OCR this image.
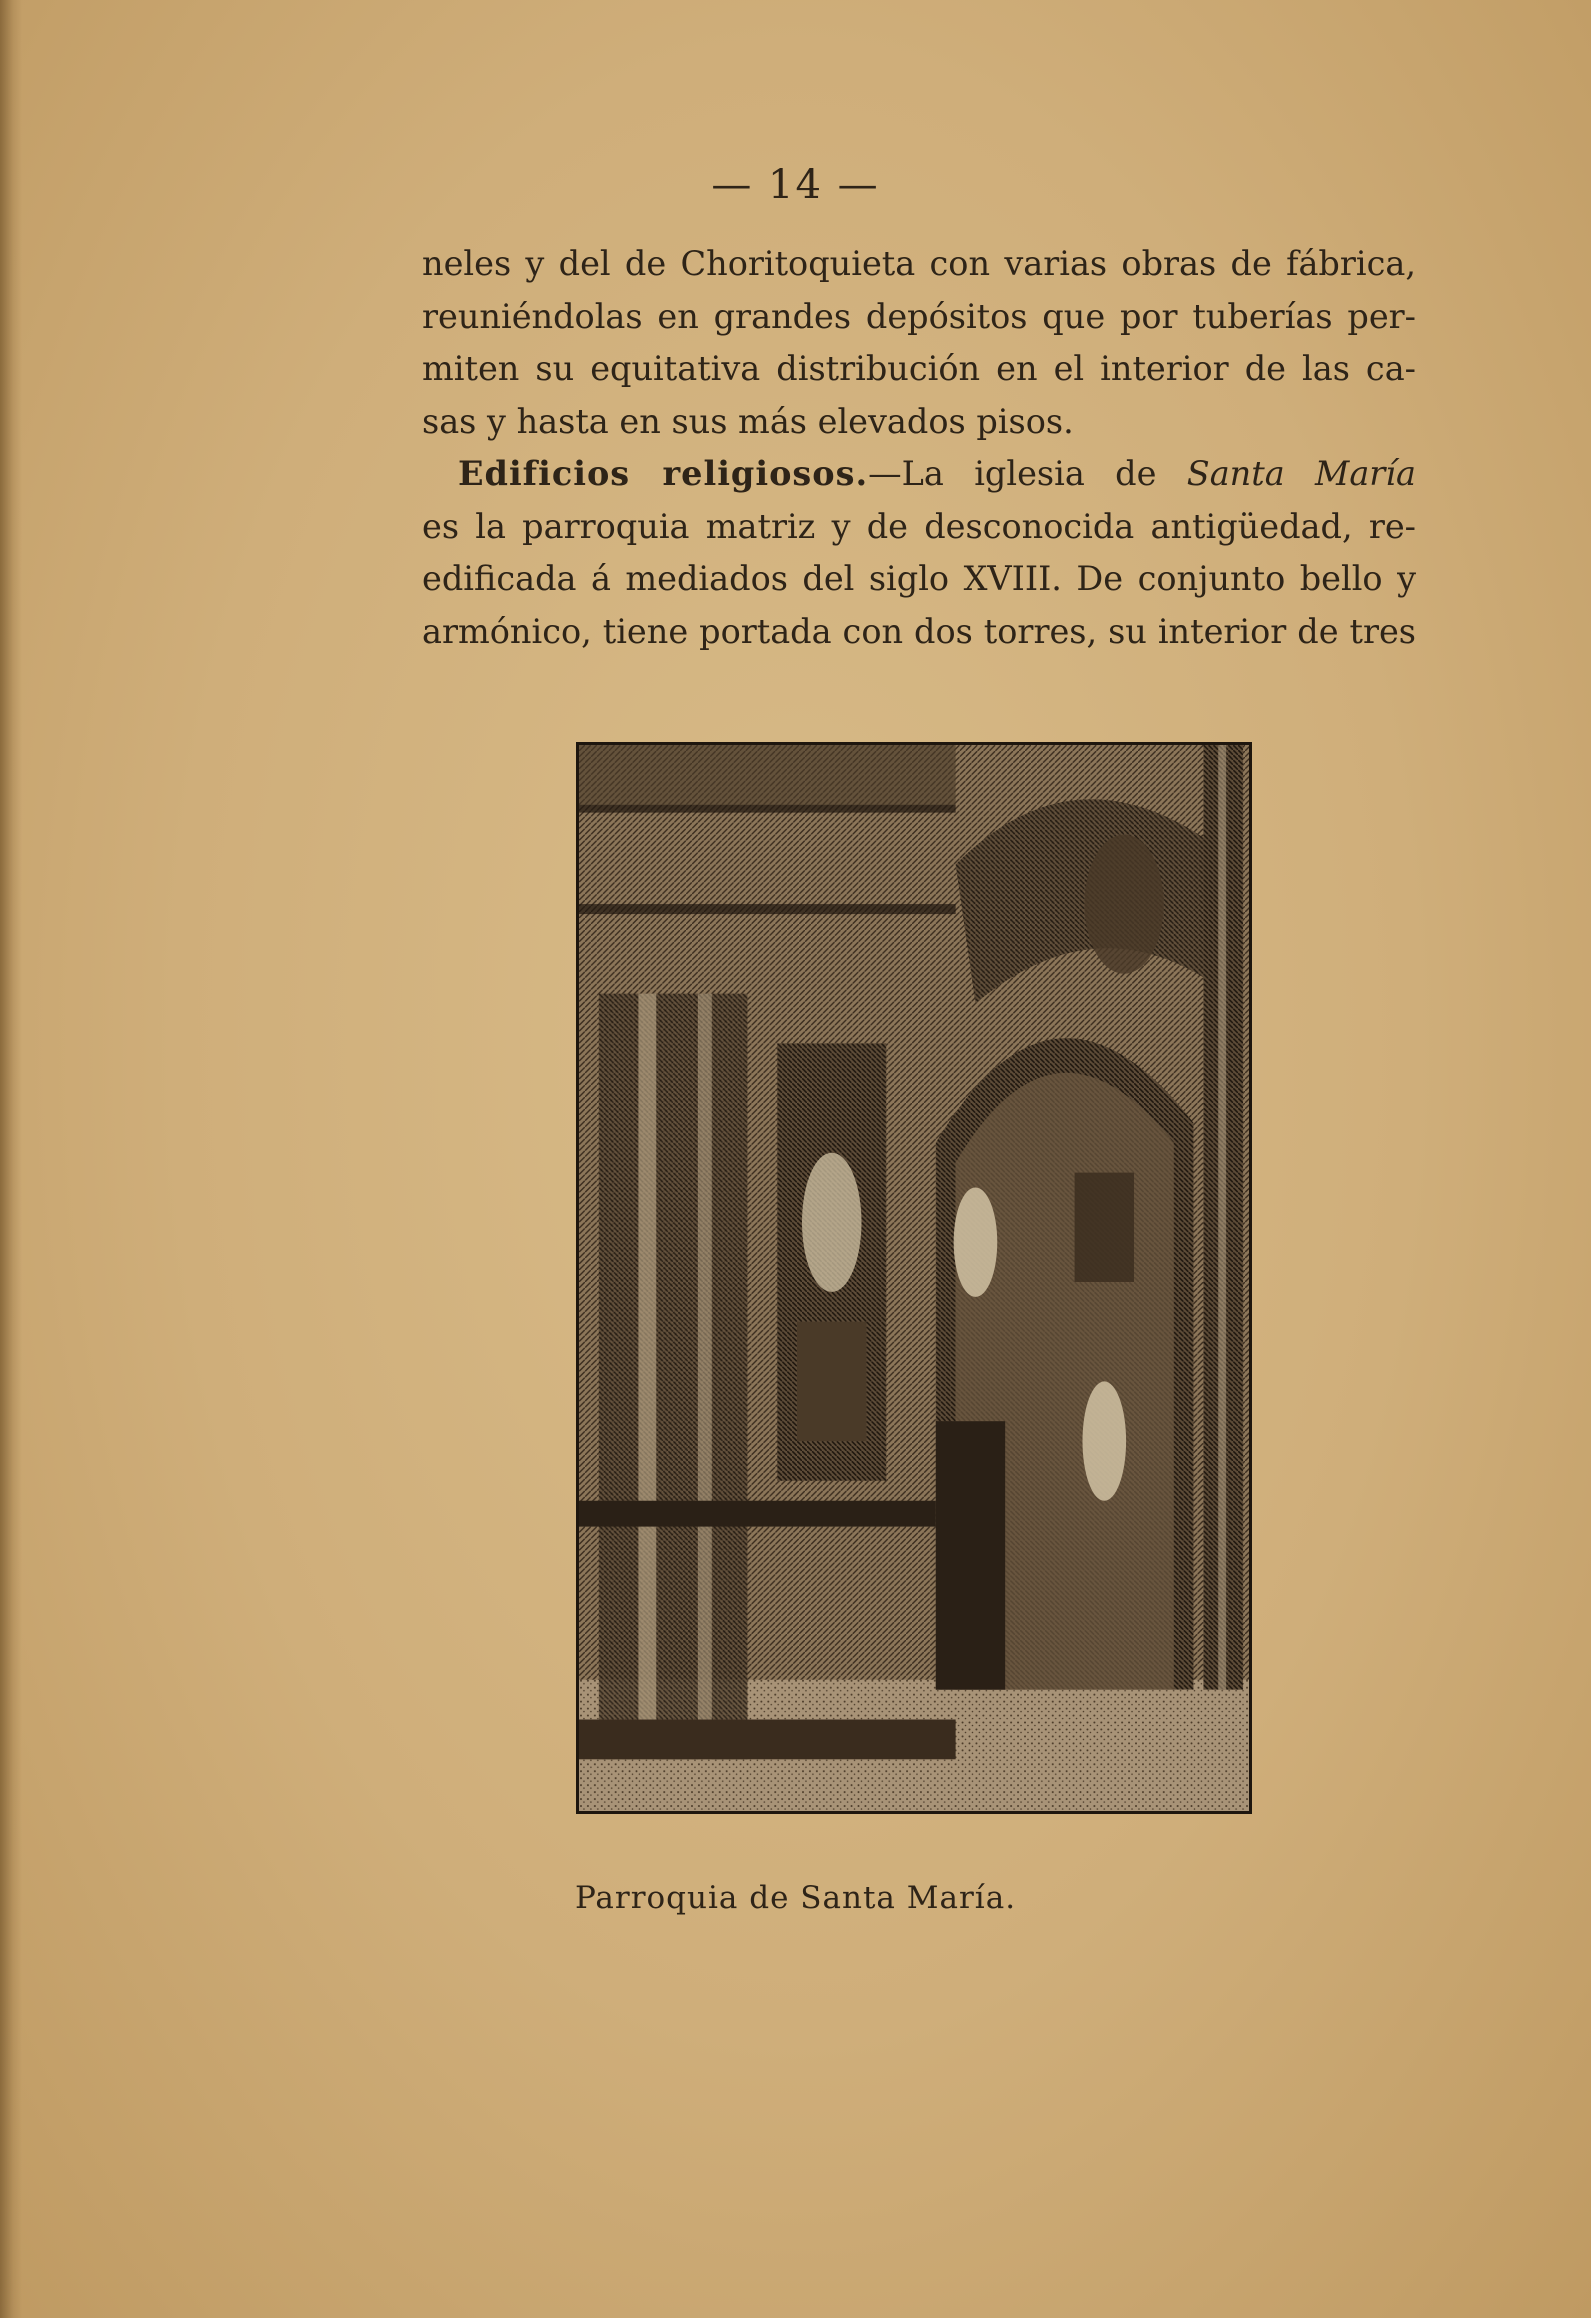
— 14 —
neles y del de Choritoquieta con varias obras de fábrica,
reuniéndolas en grandes depósitos que por tuberías per-
miten su equitativa distribución en el interior de las ca-
sas y hasta en sus más elevados pisos.
Edificios religiosos.—La iglesia de Santa María
es la parroquia matriz y de desconocida antigüedad, re-
edificada á mediados del siglo XVIII. De conjunto bello y
armónico, tiene portada con dos torres, su interior de tres
Parroquia de Santa María.
